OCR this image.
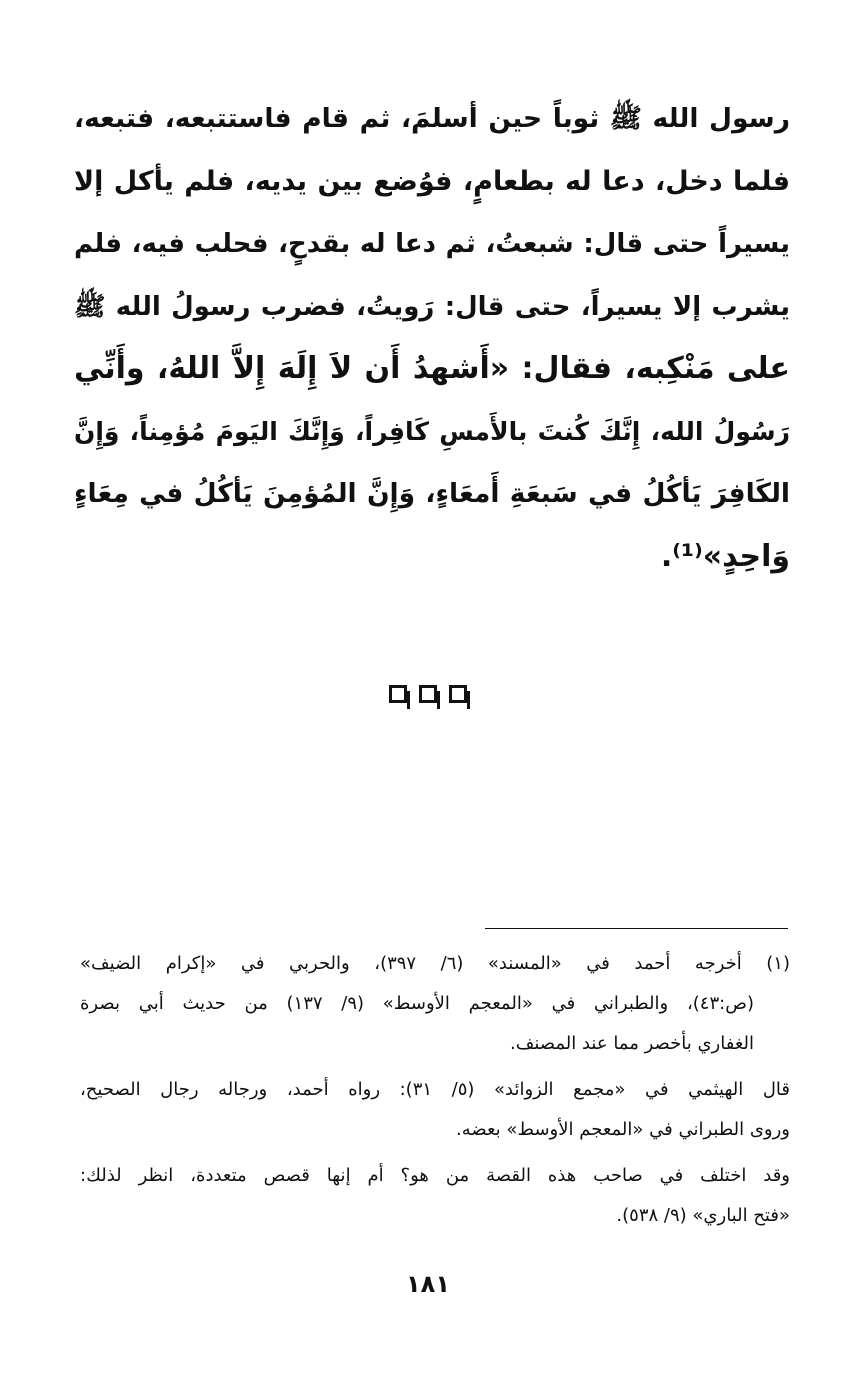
رسول الله ﷺ ثوباً حين أسلمَ، ثم قام فاستتبعه، فتبعه،
فلما دخل، دعا له بطعامٍ، فوُضع بين يديه، فلم يأكل إلا
يسيراً حتى قال: شبعتُ، ثم دعا له بقدحٍ، فحلب فيه، فلم
يشرب إلا يسيراً، حتى قال: رَويتُ، فضرب رسولُ الله ﷺ
على مَنْكِبه، فقال: «أَشهدُ أَن لاَ إِلَهَ إِلاَّ اللهُ، وأَنِّي
رَسُولُ الله، إِنَّكَ كُنتَ بالأَمسِ كَافِراً، وَإِنَّكَ اليَومَ مُؤمِناً، وَإِنَّ
الكَافِرَ يَأكُلُ في سَبعَةِ أَمعَاءٍ، وَإِنَّ المُؤمِنَ يَأكُلُ في مِعَاءٍ
وَاحِدٍ»⁽¹⁾.
(١) أخرجه أحمد في «المسند» (٦/ ٣٩٧)، والحربي في «إكرام الضيف»
(ص:٤٣)، والطبراني في «المعجم الأوسط» (٩/ ١٣٧) من حديث أبي بصرة
الغفاري بأخصر مما عند المصنف.
قال الهيثمي في «مجمع الزوائد» (٥/ ٣١): رواه أحمد، ورجاله رجال الصحيح،
وروى الطبراني في «المعجم الأوسط» بعضه.
وقد اختلف في صاحب هذه القصة من هو؟ أم إنها قصص متعددة، انظر لذلك:
«فتح الباري» (٩/ ٥٣٨).
١٨١
